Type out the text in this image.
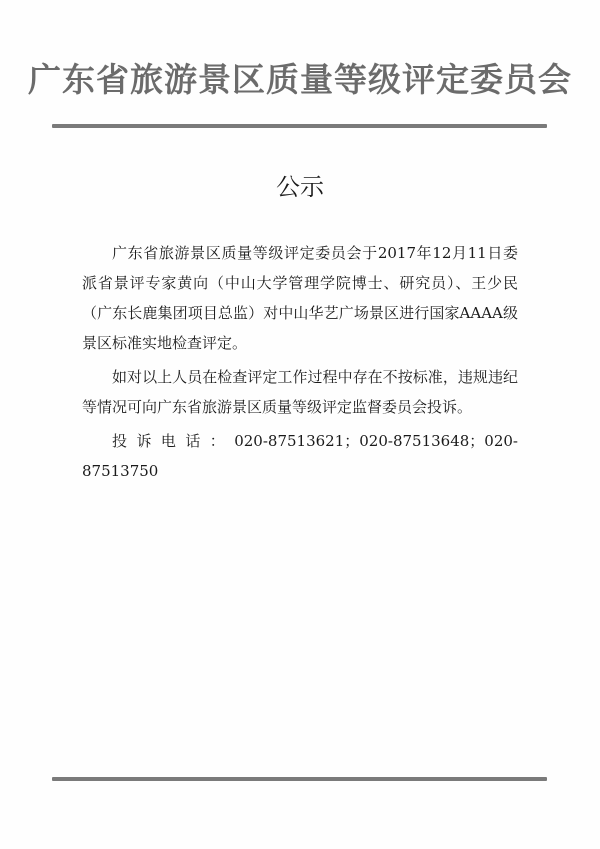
广东省旅游景区质量等级评定委员会
公示

广东省旅游景区质量等级评定委员会于2017年12月11日委派省景评专家黄向（中山大学管理学院博士、研究员）、王少民（广东长鹿集团项目总监）对中山华艺广场景区进行国家AAAA级景区标准实地检查评定。

如对以上人员在检查评定工作过程中存在不按标准，违规违纪等情况可向广东省旅游景区质量等级评定监督委员会投诉。

投诉电话：020-87513621；020-87513648；020-87513750
